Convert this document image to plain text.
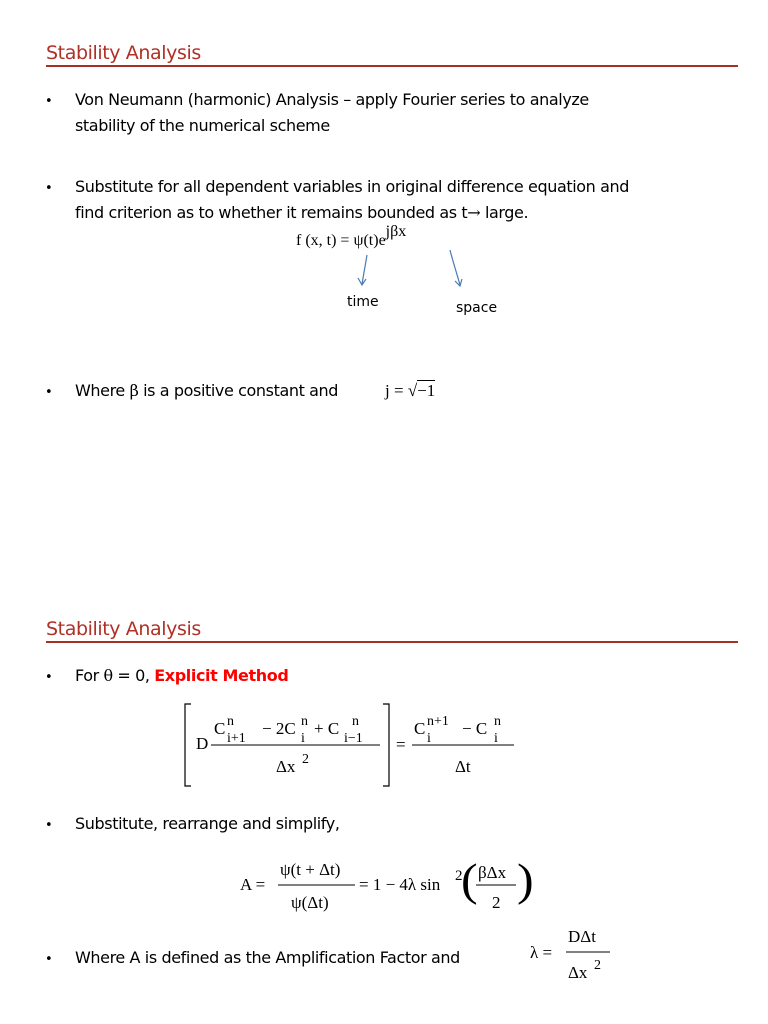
Stability Analysis
• Von Neumann (harmonic) Analysis – apply Fourier series to analyze
stability of the numerical scheme
• Substitute for all dependent variables in original difference equation and
find criterion as to whether it remains bounded as t→ large.
f (x, t) = ψ(t)ejβx
time	space
• Where β is a positive constant and	j = √−1
Stability Analysis
• For θ = 0, Explicit Method
D
C n
i+1
− 2C n
i
+ C n
i−1
Δx 2
=
C n+1
i
− C n
i
Δt
• Substitute, rearrange and simplify,
A =
ψ(t + Δt)
ψ(Δt)
= 1 − 4λ sin 2
( βΔx
2 )
• Where A is defined as the Amplification Factor and	λ =
DΔt
Δx 2
